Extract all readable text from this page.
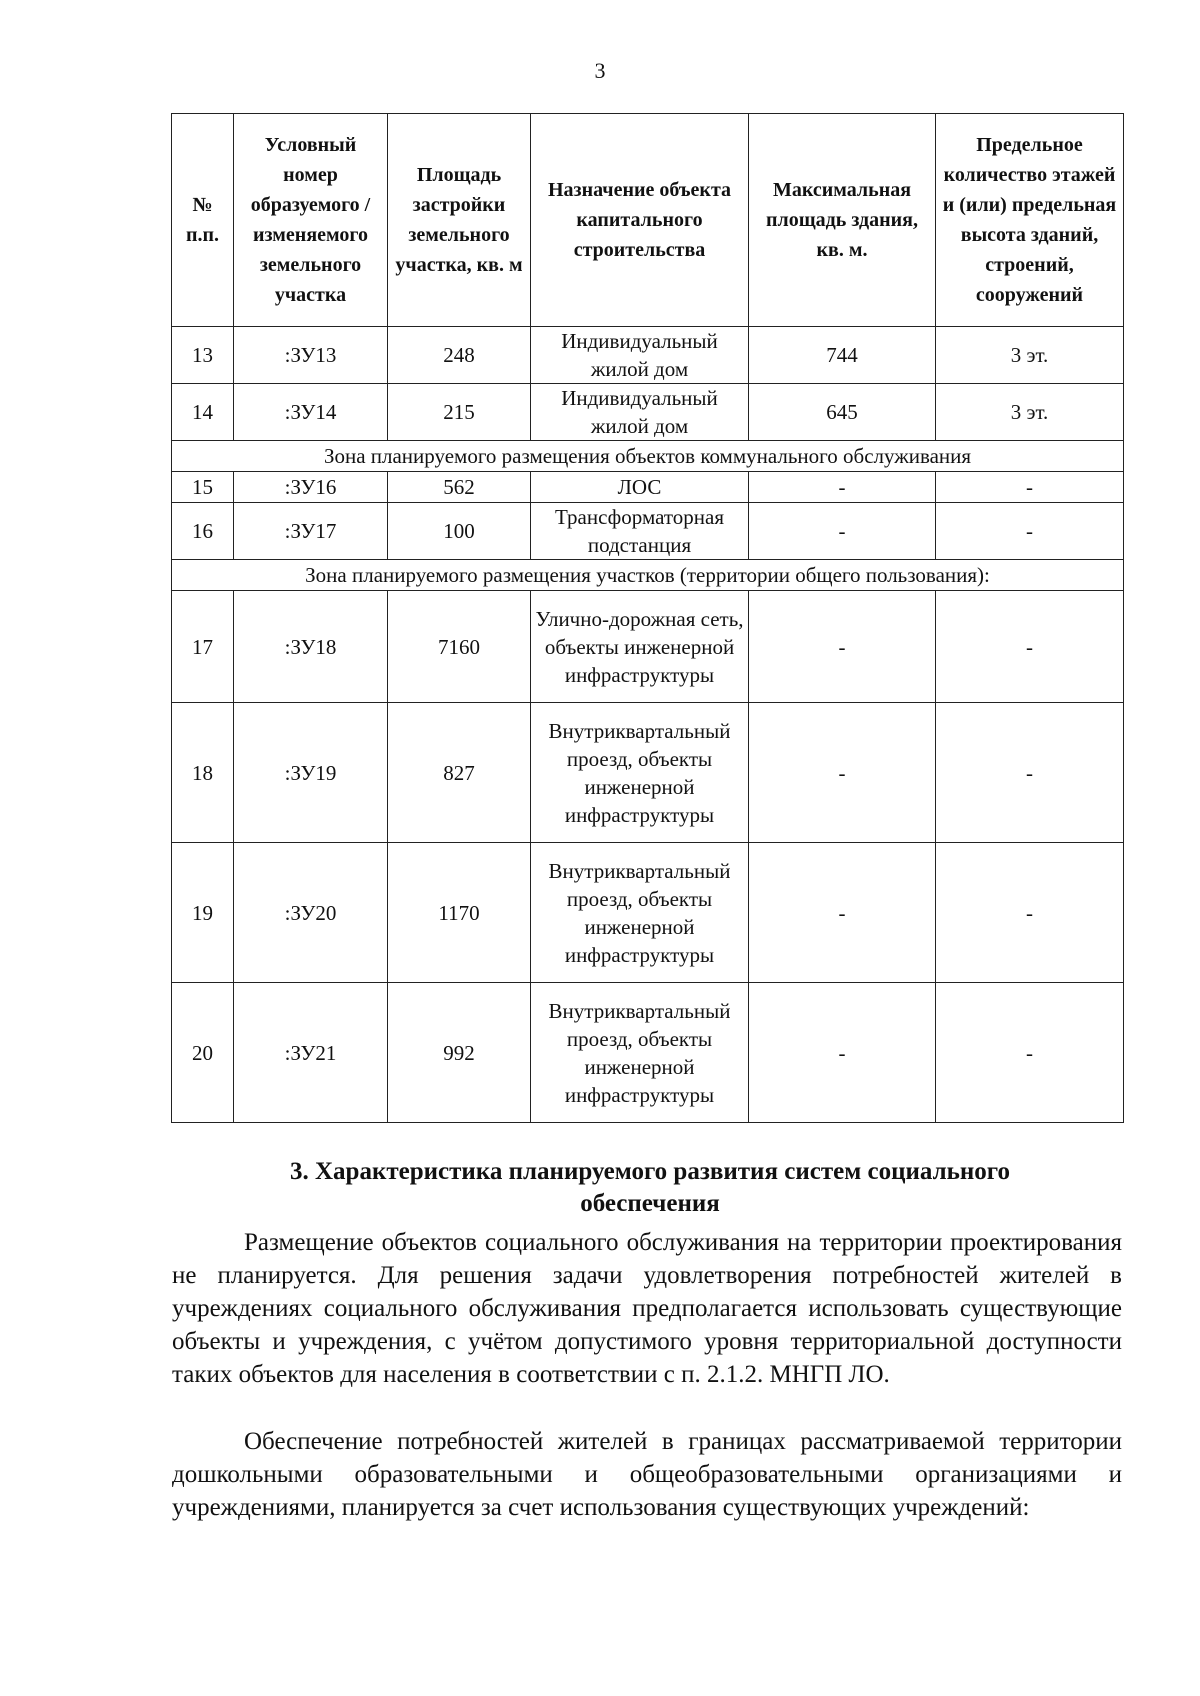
3
№ п.п.	Условный номер образуемого /изменяемого земельного участка	Площадь застройки земельного участка, кв. м	Назначение объекта капитального строительства	Максимальная площадь здания, кв. м.	Предельное количество этажей и (или) предельная высота зданий, строений, сооружений
13	:ЗУ13	248	Индивидуальный жилой дом	744	3 эт.
14	:ЗУ14	215	Индивидуальный жилой дом	645	3 эт.
Зона планируемого размещения объектов коммунального обслуживания					
15	:ЗУ16	562	ЛОС	-	-
16	:ЗУ17	100	Трансформаторная подстанция	-	-
Зона планируемого размещения участков (территории общего пользования):					
17	:ЗУ18	7160	Улично-дорожная сеть, объекты инженерной инфраструктуры	-	-
18	:ЗУ19	827	Внутриквартальный проезд, объекты инженерной инфраструктуры	-	-
19	:ЗУ20	1170	Внутриквартальный проезд, объекты инженерной инфраструктуры	-	-
20	:ЗУ21	992	Внутриквартальный проезд, объекты инженерной инфраструктуры	-	-
3. Характеристика планируемого развития систем социального обеспечения

Размещение объектов социального обслуживания на территории проектирования не планируется. Для решения задачи удовлетворения потребностей жителей в учреждениях социального обслуживания предполагается использовать существующие объекты и учреждения, с учётом допустимого уровня территориальной доступности таких объектов для населения в соответствии с п. 2.1.2. МНГП ЛО.

Обеспечение потребностей жителей в границах рассматриваемой территории дошкольными образовательными и общеобразовательными организациями и учреждениями, планируется за счет использования существующих учреждений:
